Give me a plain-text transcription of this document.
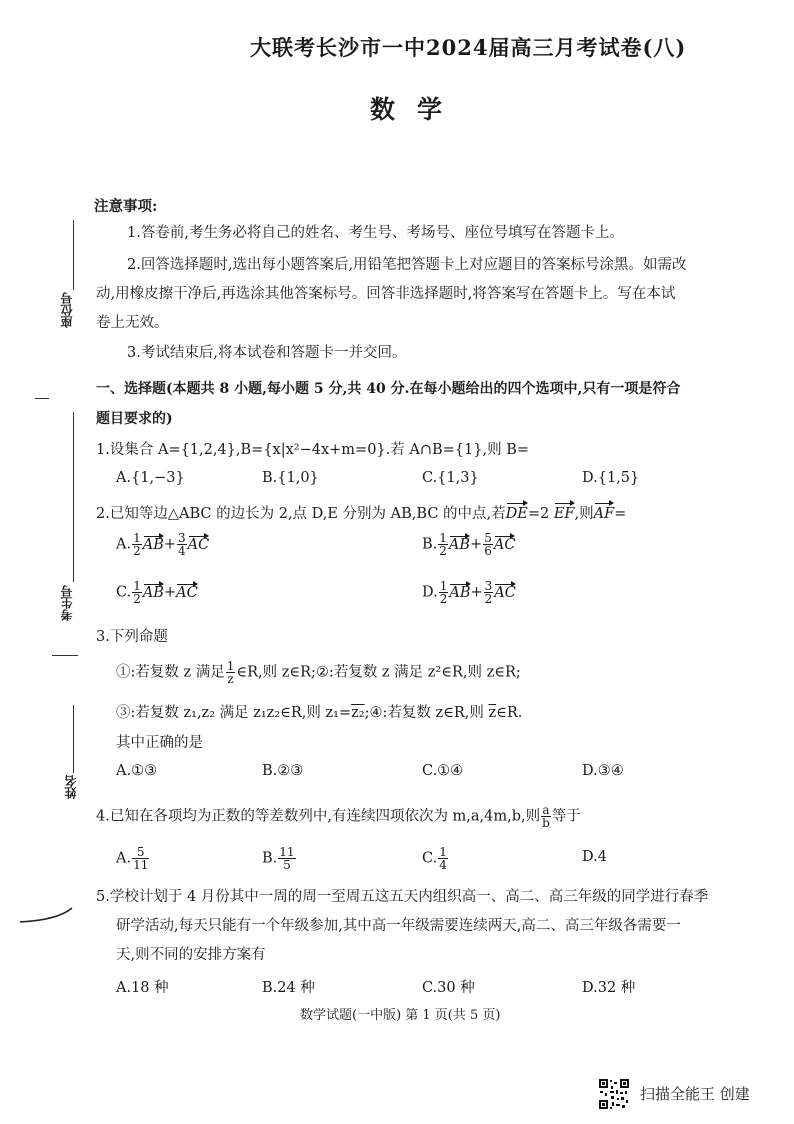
大联考长沙市一中2024届高三月考试卷(八)
数学
座位号
考生号
姓名
注意事项:
1.答卷前,考生务必将自己的姓名、考生号、考场号、座位号填写在答题卡上。
2.回答选择题时,选出每小题答案后,用铅笔把答题卡上对应题目的答案标号涂黑。如需改
动,用橡皮擦干净后,再选涂其他答案标号。回答非选择题时,将答案写在答题卡上。写在本试
卷上无效。
3.考试结束后,将本试卷和答题卡一并交回。
一、选择题(本题共 8 小题,每小题 5 分,共 40 分.在每小题给出的四个选项中,只有一项是符合
题目要求的)
1.设集合 A={1,2,4},B={x|x²−4x+m=0}.若 A∩B={1},则 B=
A.{1,−3}	B.{1,0}	C.{1,3}	D.{1,5}
2.已知等边△ABC 的边长为 2,点 D,E 分别为 AB,BC 的中点,若DE=2 EF,则AF=
A. $\frac{1}{2} AB+ \frac{3}{4}$ AC	B. $\frac{1}{2} AB+ \frac{5}{6}$ AC
C. $\frac{1}{2} AB+AC$	D. $\frac{1}{2} AB+ \frac{3}{2}$ AC
3.下列命题
①:若复数 z 满足 $\frac{1}{z}$ ∈R,则 z∈R;②:若复数 z 满足 z²∈R,则 z∈R;
③:若复数 z₁,z₂ 满足 z₁z₂∈R,则 z₁=z₂;④:若复数 z∈R,则 $\overline{z}\in R$.
其中正确的是
A.①③	B.②③	C.①④	D.③④
4.已知在各项均为正数的等差数列中,有连续四项依次为 m,a,4m,b,则 $\frac{a}{b}$ 等于
A. $\frac{5}{11}$	B. $\frac{11}{5}$	C. $\frac{1}{4}$	D.4
5.学校计划于 4 月份其中一周的周一至周五这五天内组织高一、高二、高三年级的同学进行春季
研学活动,每天只能有一个年级参加,其中高一年级需要连续两天,高二、高三年级各需要一
天,则不同的安排方案有
A.18 种	B.24 种	C.30 种	D.32 种
数学试题(一中版) 第 1 页(共 5 页)
扫描全能王 创建
